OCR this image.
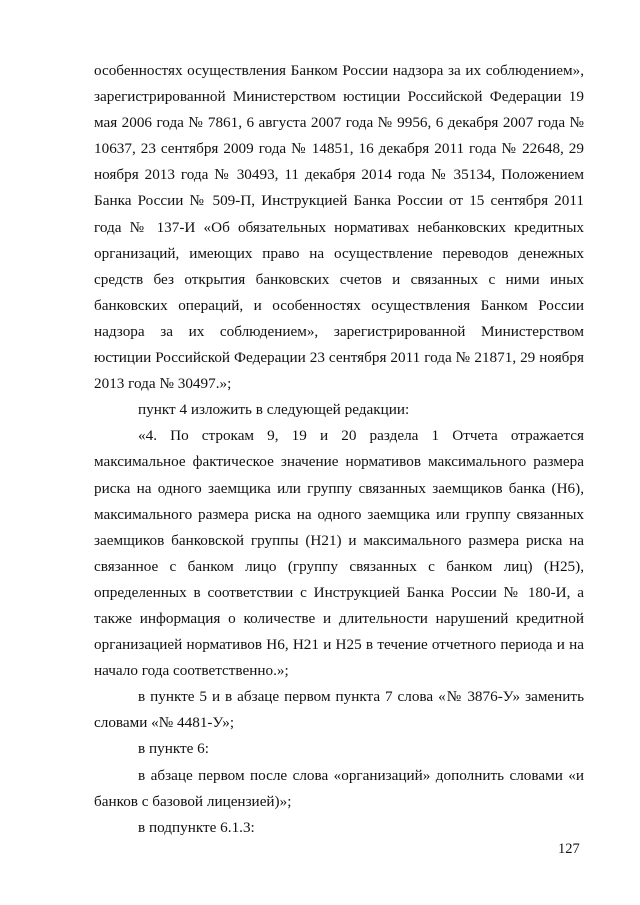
особенностях осуществления Банком России надзора за их соблюдением», зарегистрированной Министерством юстиции Российской Федерации 19 мая 2006 года № 7861, 6 августа 2007 года № 9956, 6 декабря 2007 года № 10637, 23 сентября 2009 года № 14851, 16 декабря 2011 года № 22648, 29 ноября 2013 года № 30493, 11 декабря 2014 года № 35134, Положением Банка России № 509-П, Инструкцией Банка России от 15 сентября 2011 года № 137-И «Об обязательных нормативах небанковских кредитных организаций, имеющих право на осуществление переводов денежных средств без открытия банковских счетов и связанных с ними иных банковских операций, и особенностях осуществления Банком России надзора за их соблюдением», зарегистрированной Министерством юстиции Российской Федерации 23 сентября 2011 года № 21871, 29 ноября 2013 года № 30497.»;

пункт 4 изложить в следующей редакции:

«4. По строкам 9, 19 и 20 раздела 1 Отчета отражается максимальное фактическое значение нормативов максимального размера риска на одного заемщика или группу связанных заемщиков банка (Н6), максимального размера риска на одного заемщика или группу связанных заемщиков банковской группы (Н21) и максимального размера риска на связанное с банком лицо (группу связанных с банком лиц) (Н25), определенных в соответствии с Инструкцией Банка России № 180-И, а также информация о количестве и длительности нарушений кредитной организацией нормативов Н6, Н21 и Н25 в течение отчетного периода и на начало года соответственно.»;

в пункте 5 и в абзаце первом пункта 7 слова «№ 3876-У» заменить словами «№ 4481-У»;

в пункте 6:

в абзаце первом после слова «организаций» дополнить словами «и банков с базовой лицензией)»;

в подпункте 6.1.3:

127
